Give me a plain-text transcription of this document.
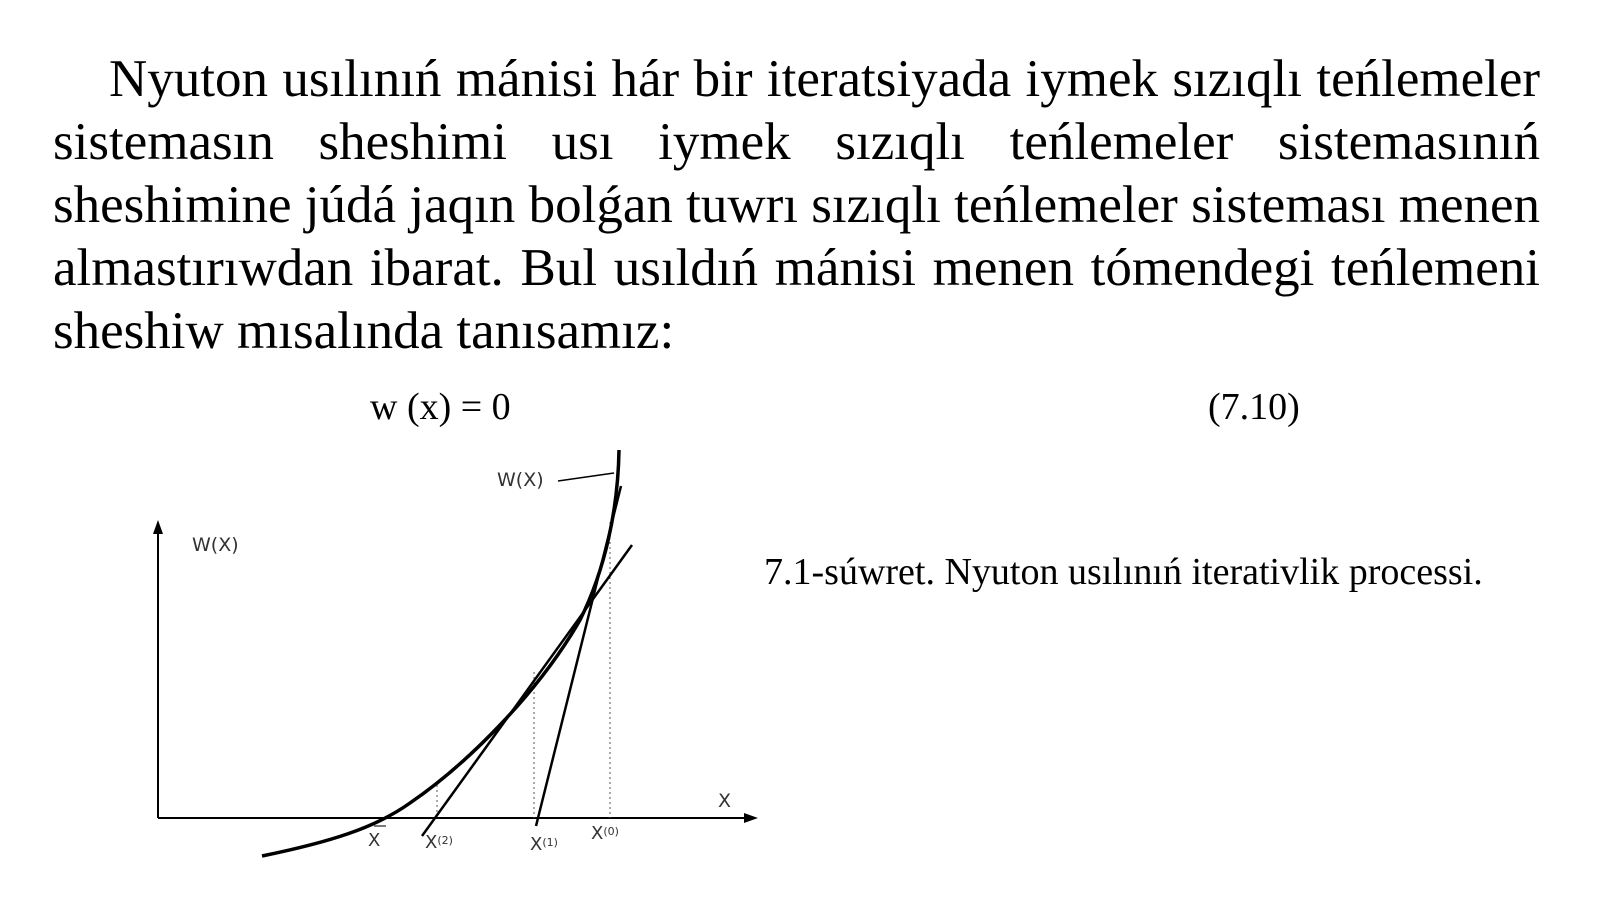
Nyuton usılınıń mánisi hár bir iteratsiyada iymek sızıqlı teńlemeler sistemasın sheshimi usı iymek sızıqlı teńlemeler sistemasınıń sheshimine júdá jaqın bolǵan tuwrı sızıqlı teńlemeler sisteması menen almastırıwdan ibarat. Bul usıldıń mánisi menen tómendegi teńlemeni sheshiw mısalında tanısamız:

w (x) = 0	(7.10)
W(X)
W(X)
X
X $X^{(2)}$	$X^{(1)}$ $X^{(0)}$
7.1-súwret. Nyuton usılınıń iterativlik processi.
